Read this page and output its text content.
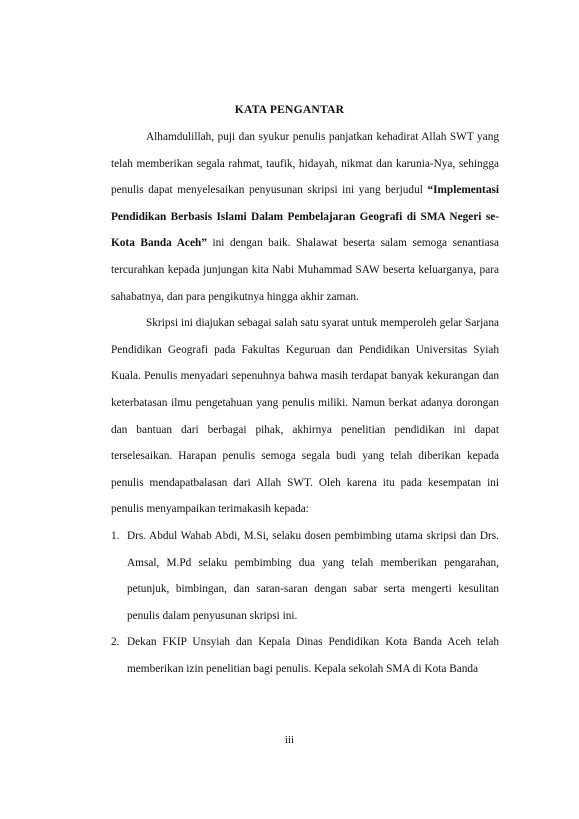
KATA PENGANTAR

Alhamdulillah, puji dan syukur penulis panjatkan kehadirat Allah SWT yang telah memberikan segala rahmat, taufik, hidayah, nikmat dan karunia-Nya, sehingga penulis dapat menyelesaikan penyusunan skripsi ini yang berjudul “Implementasi Pendidikan Berbasis Islami Dalam Pembelajaran Geografi di SMA Negeri se-Kota Banda Aceh” ini dengan baik. Shalawat beserta salam semoga senantiasa tercurahkan kepada junjungan kita Nabi Muhammad SAW beserta keluarganya, para sahabatnya, dan para pengikutnya hingga akhir zaman.

Skripsi ini diajukan sebagai salah satu syarat untuk memperoleh gelar Sarjana Pendidikan Geografi pada Fakultas Keguruan dan Pendidikan Universitas Syiah Kuala. Penulis menyadari sepenuhnya bahwa masih terdapat banyak kekurangan dan keterbatasan ilmu pengetahuan yang penulis miliki. Namun berkat adanya dorongan dan bantuan dari berbagai pihak, akhirnya penelitian pendidikan ini dapat terselesaikan. Harapan penulis semoga segala budi yang telah diberikan kepada penulis mendapatbalasan dari Allah SWT. Oleh karena itu pada kesempatan ini penulis menyampaikan terimakasih kepada:

1. Drs. Abdul Wahab Abdi, M.Si, selaku dosen pembimbing utama skripsi dan Drs. Amsal, M.Pd selaku pembimbing dua yang telah memberikan pengarahan, petunjuk, bimbingan, dan saran-saran dengan sabar serta mengerti kesulitan penulis dalam penyusunan skripsi ini.
2. Dekan FKIP Unsyiah dan Kepala Dinas Pendidikan Kota Banda Aceh telah memberikan izin penelitian bagi penulis. Kepala sekolah SMA di Kota Banda
iii
